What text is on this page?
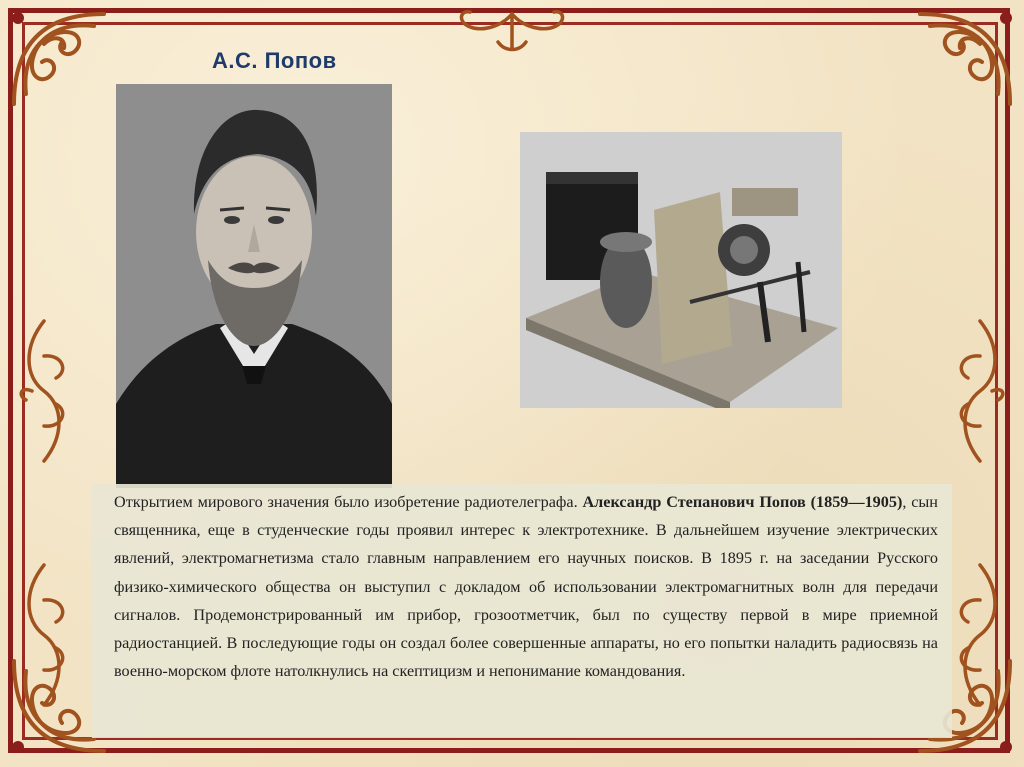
А.С. Попов

Открытием мирового значения было изобретение радиотелеграфа. Александр Степанович Попов (1859—1905), сын священника, еще в студенческие годы проявил интерес к электротехнике. В дальнейшем изучение электрических явлений, электромагнетизма стало главным направлением его научных поисков. В 1895 г. на заседании Русского физико-химического общества он выступил с докладом об использовании электромагнитных волн для передачи сигналов. Продемонстрированный им прибор, грозоотметчик, был по существу первой в мире приемной радиостанцией. В последующие годы он создал более совершенные аппараты, но его попытки наладить радиосвязь на военно-морском флоте натолкнулись на скептицизм и непонимание командования.
